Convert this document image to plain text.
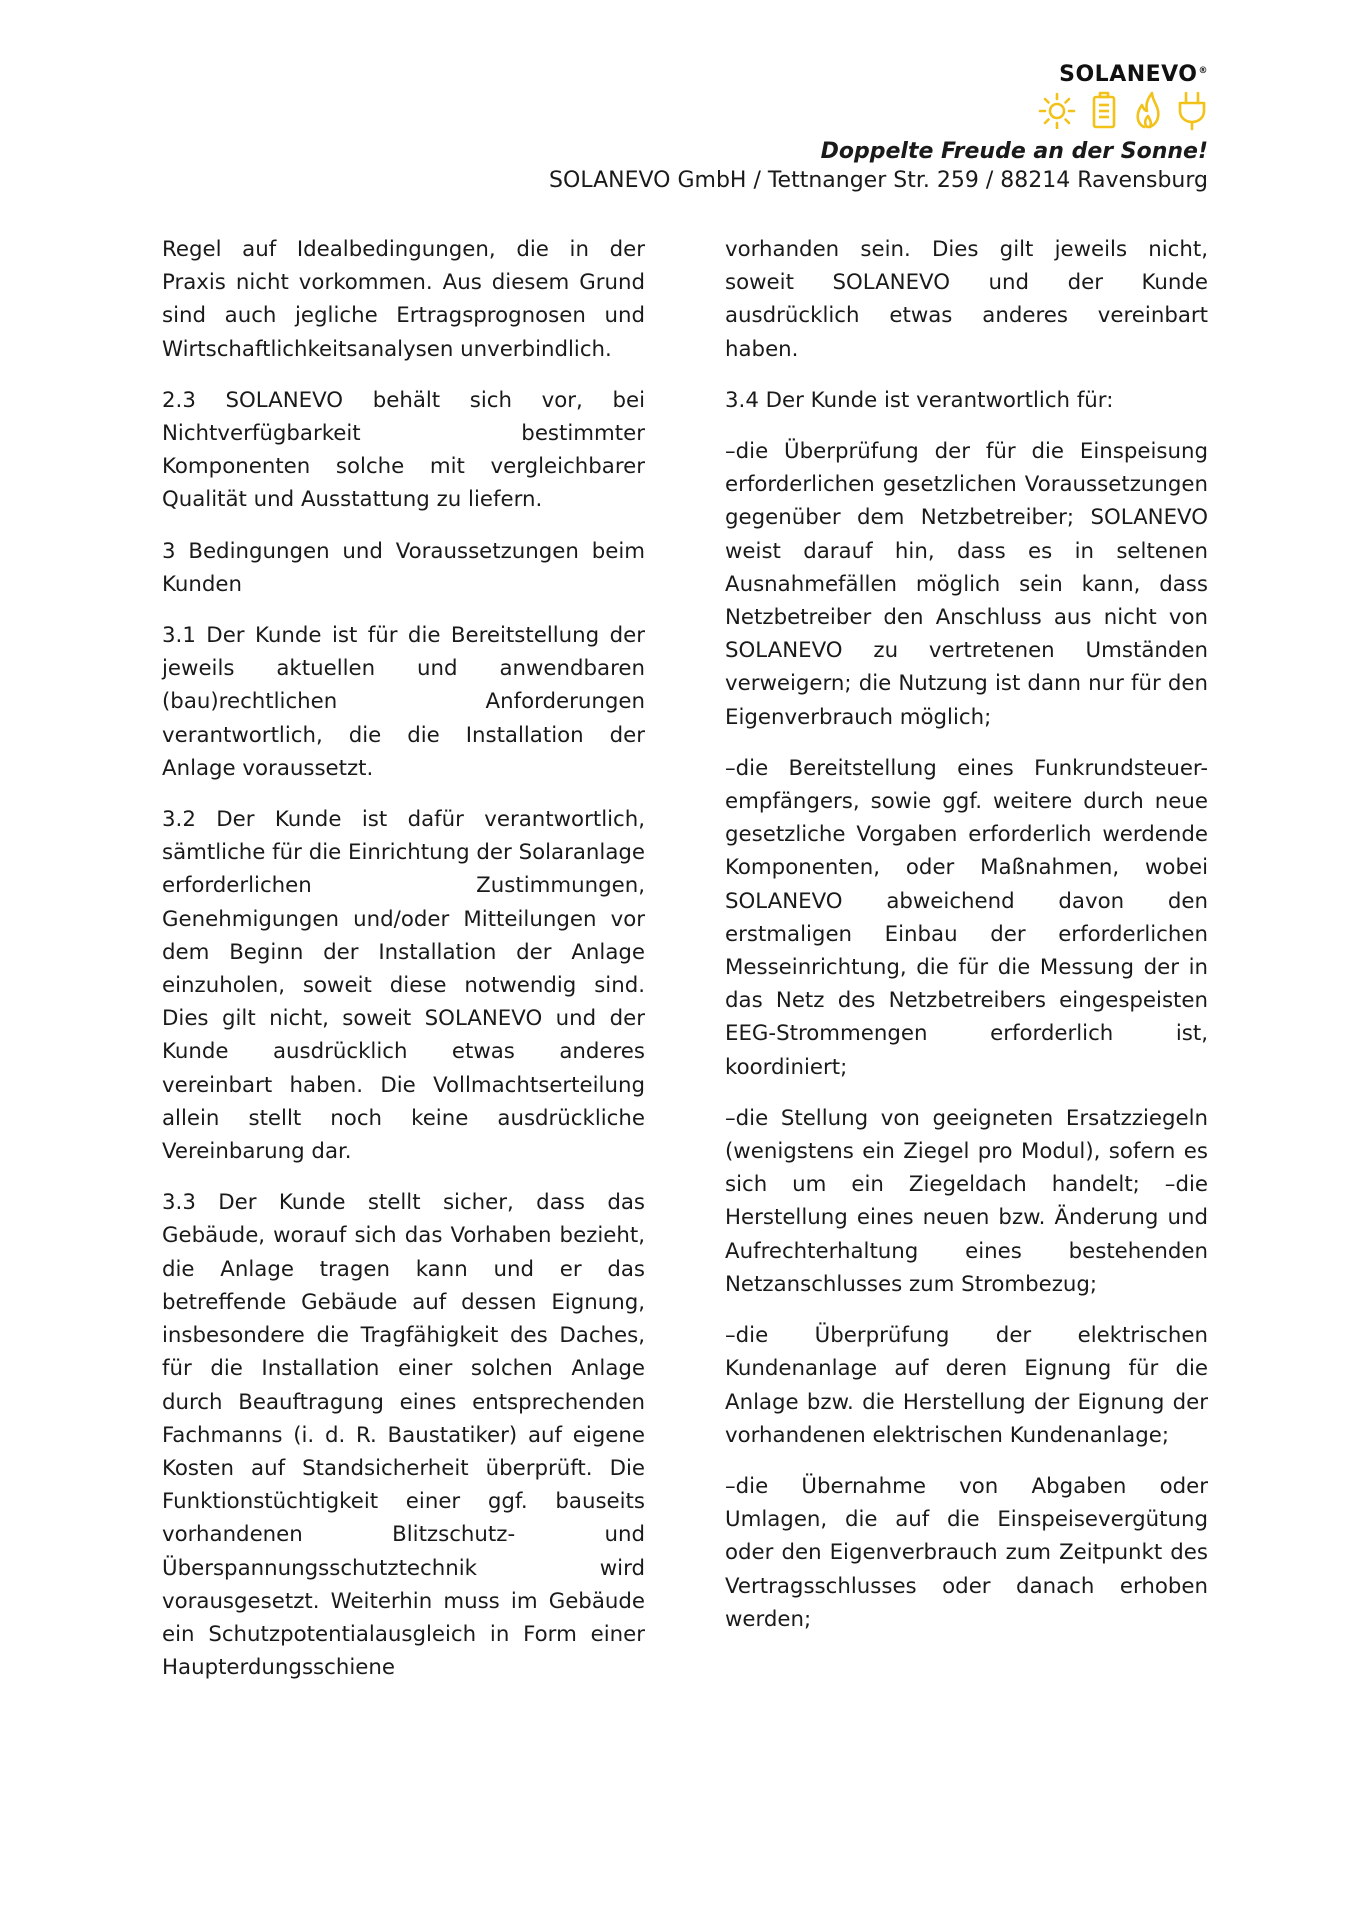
SOLANEVO®
Doppelte Freude an der Sonne!
SOLANEVO GmbH / Tettnanger Str. 259 / 88214 Ravensburg

Regel auf Idealbedingungen, die in der Praxis nicht vorkommen. Aus diesem Grund sind auch jegliche Ertragsprognosen und Wirtschaftlichkeitsanalysen unverbindlich.

2.3 SOLANEVO behält sich vor, bei Nichtverfügbarkeit bestimmter Komponenten solche mit vergleichbarer Qualität und Ausstattung zu liefern.

3 Bedingungen und Voraussetzungen beim Kunden

3.1 Der Kunde ist für die Bereitstellung der jeweils aktuellen und anwendbaren (bau)rechtlichen Anforderungen verantwortlich, die die Installation der Anlage voraussetzt.

3.2 Der Kunde ist dafür verantwortlich, sämtliche für die Einrichtung der Solaranlage erforderlichen Zustimmungen, Genehmigungen und/oder Mitteilungen vor dem Beginn der Installation der Anlage einzuholen, soweit diese notwendig sind. Dies gilt nicht, soweit SOLANEVO und der Kunde ausdrücklich etwas anderes vereinbart haben. Die Vollmachtserteilung allein stellt noch keine ausdrückliche Vereinbarung dar.

3.3 Der Kunde stellt sicher, dass das Gebäude, worauf sich das Vorhaben bezieht, die Anlage tragen kann und er das betreffende Gebäude auf dessen Eignung, insbesondere die Tragfähigkeit des Daches, für die Installation einer solchen Anlage durch Beauftragung eines entsprechenden Fachmanns (i. d. R. Baustatiker) auf eigene Kosten auf Standsicherheit überprüft. Die Funktionstüchtigkeit einer ggf. bauseits vorhandenen Blitzschutz- und Überspannungsschutztechnik wird vorausgesetzt. Weiterhin muss im Gebäude ein Schutzpotentialausgleich in Form einer Haupterdungsschiene

vorhanden sein. Dies gilt jeweils nicht, soweit SOLANEVO und der Kunde ausdrücklich etwas anderes vereinbart haben.

3.4 Der Kunde ist verantwortlich für:

–die Überprüfung der für die Einspeisung erforderlichen gesetzlichen Voraussetzungen gegenüber dem Netzbetreiber; SOLANEVO weist darauf hin, dass es in seltenen Ausnahmefällen möglich sein kann, dass Netzbetreiber den Anschluss aus nicht von SOLANEVO zu vertretenen Umständen verweigern; die Nutzung ist dann nur für den Eigenverbrauch möglich;

–die Bereitstellung eines Funkrundsteuer-empfängers, sowie ggf. weitere durch neue gesetzliche Vorgaben erforderlich werdende Komponenten, oder Maßnahmen, wobei SOLANEVO abweichend davon den erstmaligen Einbau der erforderlichen Messeinrichtung, die für die Messung der in das Netz des Netzbetreibers eingespeisten EEG-Strommengen erforderlich ist, koordiniert;

–die Stellung von geeigneten Ersatzziegeln (wenigstens ein Ziegel pro Modul), sofern es sich um ein Ziegeldach handelt; –die Herstellung eines neuen bzw. Änderung und Aufrechterhaltung eines bestehenden Netzanschlusses zum Strombezug;

–die Überprüfung der elektrischen Kundenanlage auf deren Eignung für die Anlage bzw. die Herstellung der Eignung der vorhandenen elektrischen Kundenanlage;

–die Übernahme von Abgaben oder Umlagen, die auf die Einspeisevergütung oder den Eigenverbrauch zum Zeitpunkt des Vertragsschlusses oder danach erhoben werden;
